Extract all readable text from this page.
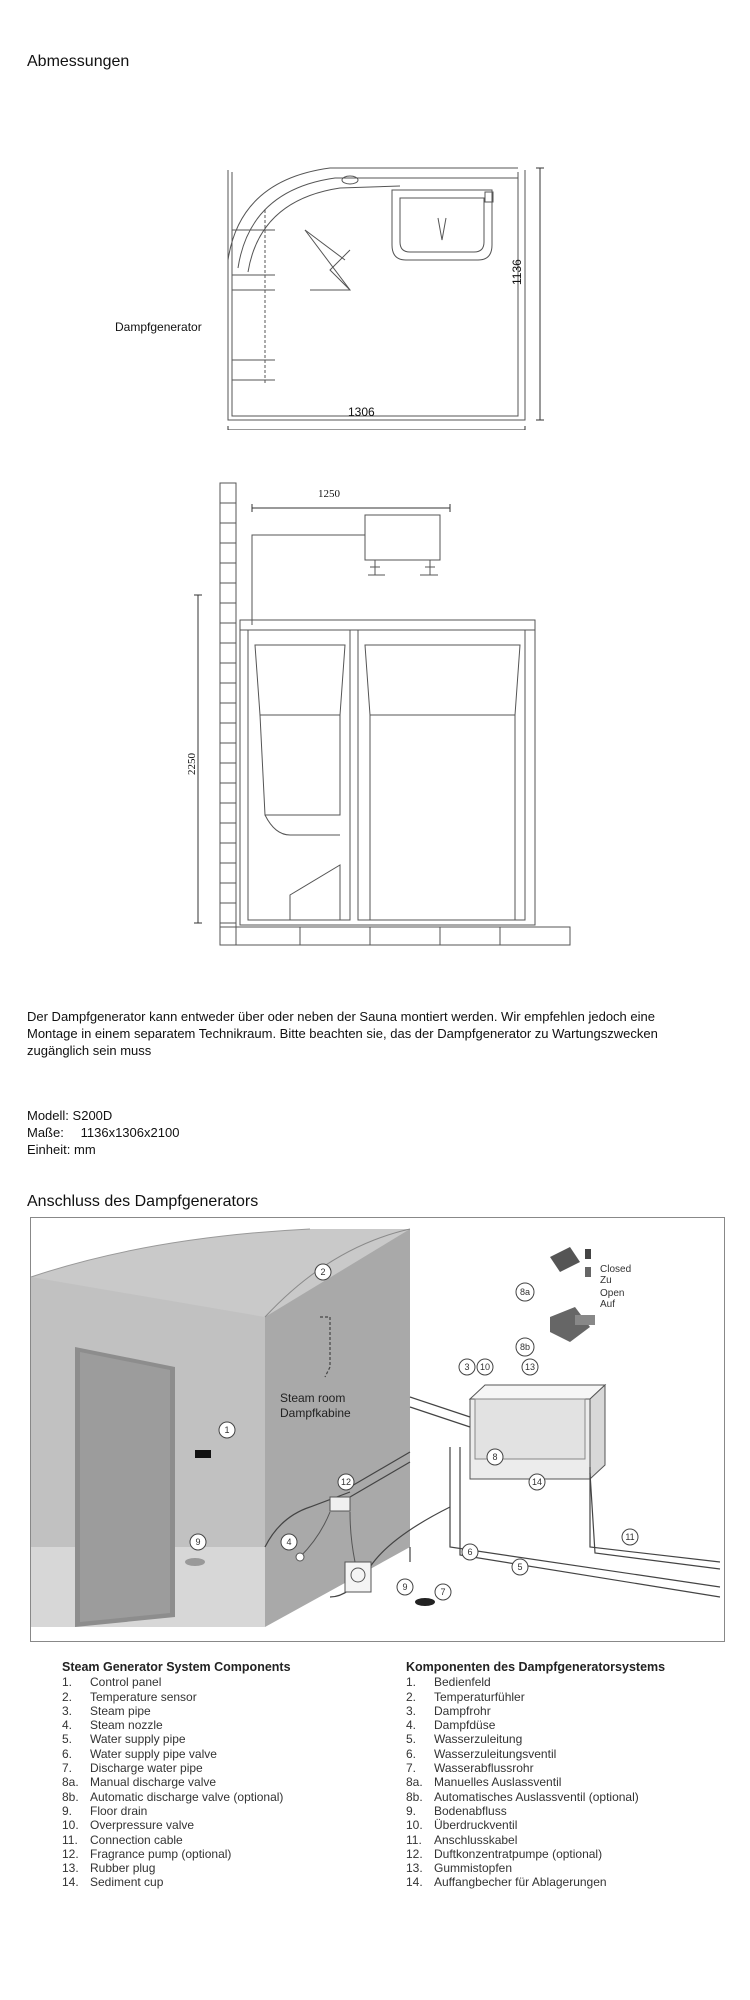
Abmessungen
Dampfgenerator
1306
1136
1250
2250
Der Dampfgenerator kann entweder über oder neben der Sauna montiert werden. Wir empfehlen jedoch eine Montage in einem separatem Technikraum. Bitte beachten sie, das der Dampfgenerator zu Wartungszwecken zugänglich sein muss
Modell: S200D
Maße: 1136x1306x2100
Einheit: mm
Anschluss des Dampfgenerators
1
2
3
4
5
6
7
8
8a
8b
9
9
10
11
12
13
14
Steam room
Dampfkabine
Closed
Zu
Open
Auf
Steam Generator System Components
1. Control panel
2. Temperature sensor
3. Steam pipe
4. Steam nozzle
5. Water supply pipe
6. Water supply pipe valve
7. Discharge water pipe
8a. Manual discharge valve
8b. Automatic discharge valve (optional)
9. Floor drain
10. Overpressure valve
11. Connection cable
12. Fragrance pump (optional)
13. Rubber plug
14. Sediment cup
Komponenten des Dampfgeneratorsystems
1. Bedienfeld
2. Temperaturfühler
3. Dampfrohr
4. Dampfdüse
5. Wasserzuleitung
6. Wasserzuleitungsventil
7. Wasserabflussrohr
8a. Manuelles Auslassventil
8b. Automatisches Auslassventil (optional)
9. Bodenabfluss
10. Überdruckventil
11. Anschlusskabel
12. Duftkonzentratpumpe (optional)
13. Gummistopfen
14. Auffangbecher für Ablagerungen
